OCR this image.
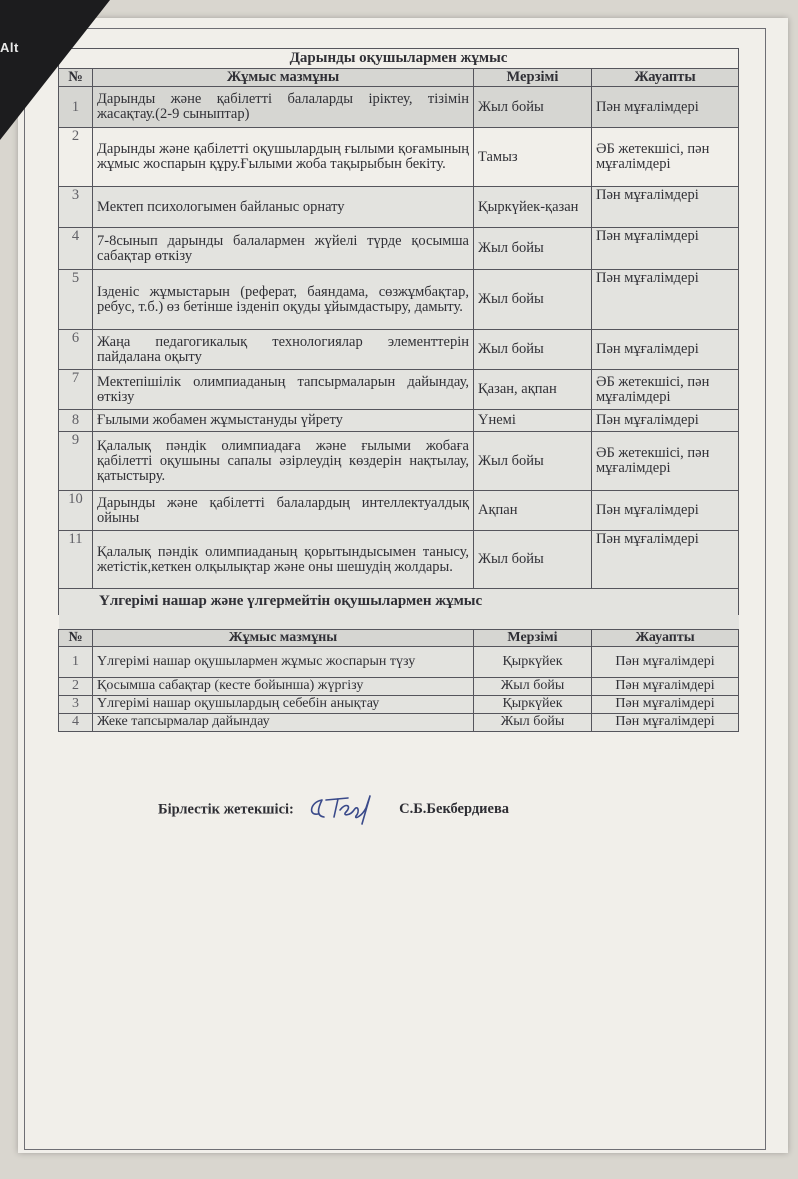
Alt
Дарынды оқушылармен жұмыс			
№	Жұмыс мазмұны	Мерзімі	Жауапты
1	Дарынды және қабілетті балаларды іріктеу, тізімін жасақтау.(2-9 сыныптар)	Жыл бойы	Пән мұғалімдері
2	Дарынды және қабілетті оқушылардың ғылыми қоғамының жұмыс жоспарын құру.Ғылыми жоба тақырыбын бекіту.	Тамыз	ӘБ жетекшісі, пән мұғалімдері
3	Мектеп психологымен байланыс орнату	Қыркүйек-қазан	Пән мұғалімдері
4	7-8сынып дарынды балалармен жүйелі түрде қосымша сабақтар өткізу	Жыл бойы	Пән мұғалімдері
5	Ізденіс жұмыстарын (реферат, баяндама, сөзжұмбақтар, ребус, т.б.) өз бетінше ізденіп оқуды ұйымдастыру, дамыту.	Жыл бойы	Пән мұғалімдері
6	Жаңа педагогикалық технологиялар элементтерін пайдалана оқыту	Жыл бойы	Пән мұғалімдері
7	Мектепішілік олимпиаданың тапсырмаларын дайындау, өткізу	Қазан, ақпан	ӘБ жетекшісі, пән мұғалімдері
8	Ғылыми жобамен жұмыстануды үйрету	Үнемі	Пән мұғалімдері
9	Қалалық пәндік олимпиадаға және ғылыми жобаға қабілетті оқушыны сапалы әзірлеудің көздерін нақтылау, қатыстыру.	Жыл бойы	ӘБ жетекшісі, пән мұғалімдері
10	Дарынды және қабілетті балалардың интеллектуалдық ойыны	Ақпан	Пән мұғалімдері
11	Қалалық пәндік олимпиаданың қорытындысымен танысу, жетістік,кеткен олқылықтар және оны шешудің жолдары.	Жыл бойы	Пән мұғалімдері
Үлгерімі нашар және үлгермейтін оқушылармен жұмыс			

№	Жұмыс мазмұны	Мерзімі	Жауапты
1	Үлгерімі нашар оқушылармен жұмыс жоспарын түзу	Қыркүйек	Пән мұғалімдері
2	Қосымша сабақтар (кесте бойынша) жүргізу	Жыл бойы	Пән мұғалімдері
3	Үлгерімі нашар оқушылардың себебін анықтау	Қыркүйек	Пән мұғалімдері
4	Жеке тапсырмалар дайындау	Жыл бойы	Пән мұғалімдері
Бірлестік жетекшісі:	С.Б.Бекбердиева
